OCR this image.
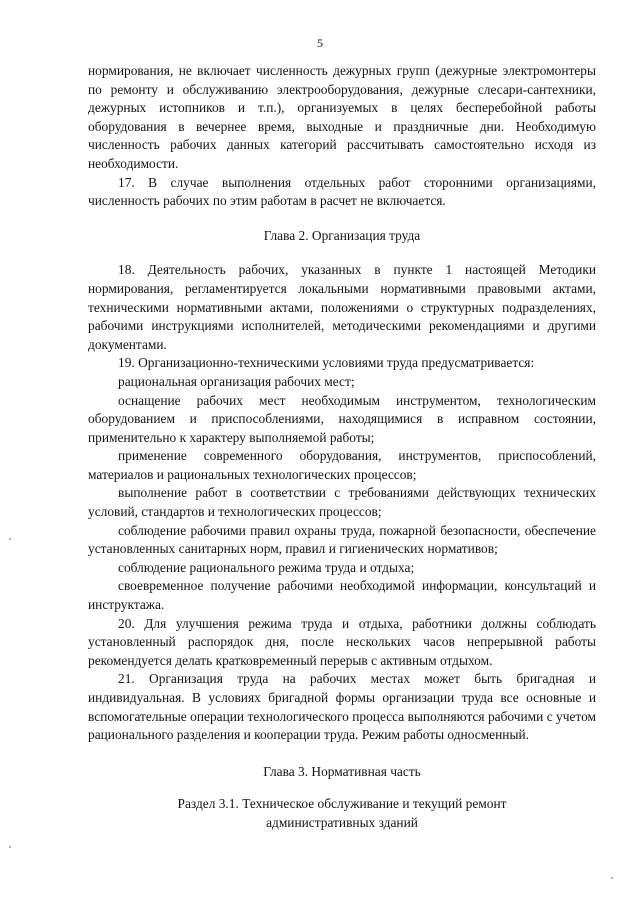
5

нормирования, не включает численность дежурных групп (дежурные электромонтеры по ремонту и обслуживанию электрооборудования, дежурные слесари-сантехники, дежурных истопников и т.п.), организуемых в целях бесперебойной работы оборудования в вечернее время, выходные и праздничные дни. Необходимую численность рабочих данных категорий рассчитывать самостоятельно исходя из необходимости.

17. В случае выполнения отдельных работ сторонними организациями, численность рабочих по этим работам в расчет не включается.

Глава 2. Организация труда

18. Деятельность рабочих, указанных в пункте 1 настоящей Методики нормирования, регламентируется локальными нормативными правовыми актами, техническими нормативными актами, положениями о структурных подразделениях, рабочими инструкциями исполнителей, методическими рекомендациями и другими документами.

19. Организационно-техническими условиями труда предусматривается:

рациональная организация рабочих мест;

оснащение рабочих мест необходимым инструментом, технологическим оборудованием и приспособлениями, находящимися в исправном состоянии, применительно к характеру выполняемой работы;

применение современного оборудования, инструментов, приспособлений, материалов и рациональных технологических процессов;

выполнение работ в соответствии с требованиями действующих технических условий, стандартов и технологических процессов;

соблюдение рабочими правил охраны труда, пожарной безопасности, обеспечение установленных санитарных норм, правил и гигиенических нормативов;

соблюдение рационального режима труда и отдыха;

своевременное получение рабочими необходимой информации, консультаций и инструктажа.

20. Для улучшения режима труда и отдыха, работники должны соблюдать установленный распорядок дня, после нескольких часов непрерывной работы рекомендуется делать кратковременный перерыв с активным отдыхом.

21. Организация труда на рабочих местах может быть бригадная и индивидуальная. В условиях бригадной формы организации труда все основные и вспомогательные операции технологического процесса выполняются рабочими с учетом рационального разделения и кооперации труда. Режим работы односменный.

Глава 3. Нормативная часть
Раздел 3.1. Техническое обслуживание и текущий ремонт административных зданий
